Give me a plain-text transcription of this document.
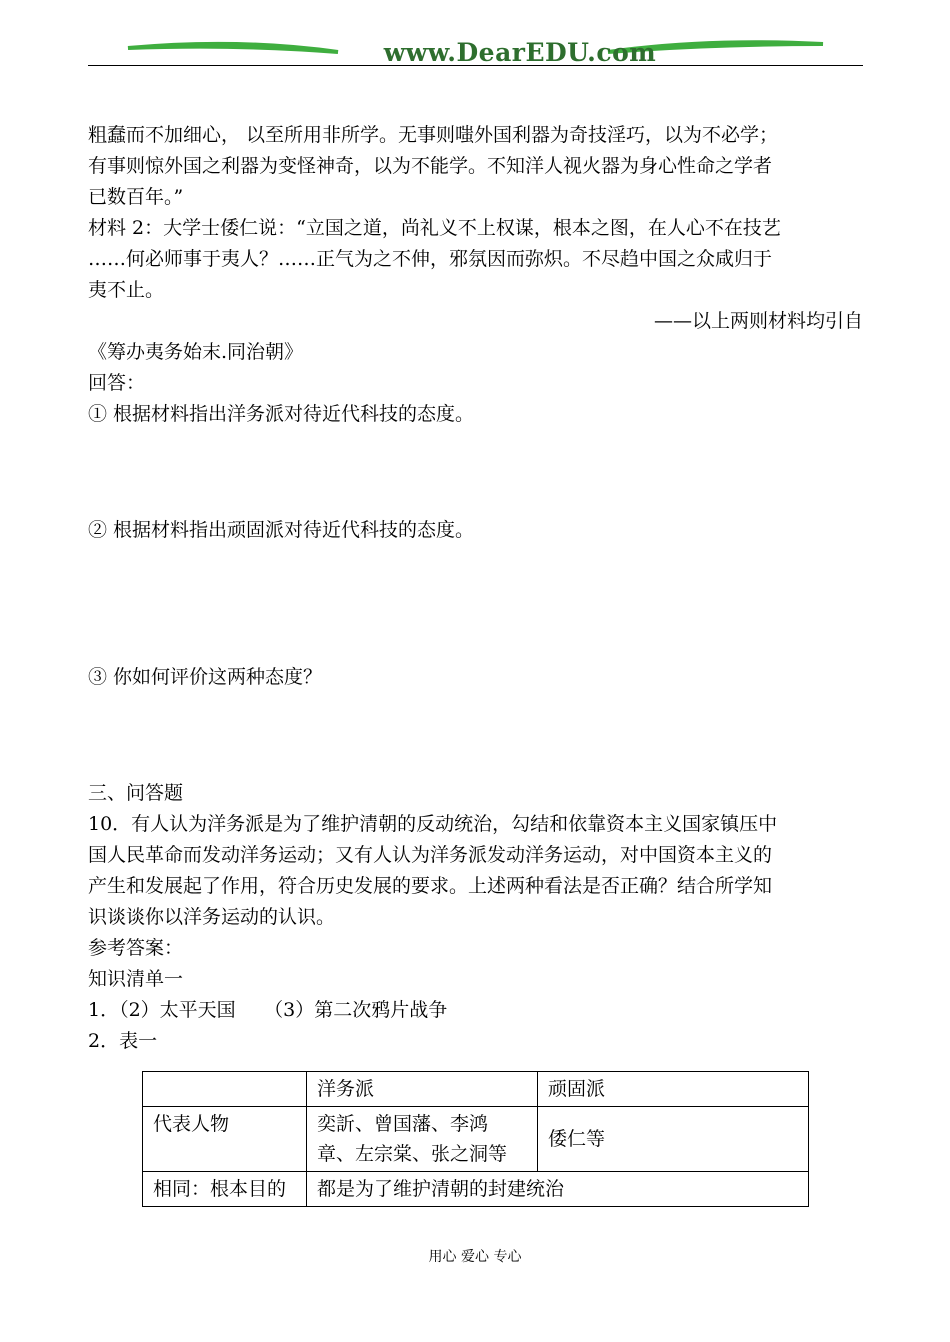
www.DearEDU.com
粗蠢而不加细心， 以至所用非所学。无事则嗤外国利器为奇技淫巧，以为不必学；
有事则惊外国之利器为变怪神奇，以为不能学。不知洋人视火器为身心性命之学者
已数百年。”
材料 2：大学士倭仁说：“立国之道，尚礼义不上权谋，根本之图，在人心不在技艺
……何必师事于夷人？……正气为之不伸，邪氛因而弥炽。不尽趋中国之众咸归于
夷不止。
——以上两则材料均引自
《筹办夷务始末.同治朝》
回答：
① 根据材料指出洋务派对待近代科技的态度。
② 根据材料指出顽固派对待近代科技的态度。
③ 你如何评价这两种态度？
三、问答题
10．有人认为洋务派是为了维护清朝的反动统治，勾结和依靠资本主义国家镇压中
国人民革命而发动洋务运动；又有人认为洋务派发动洋务运动，对中国资本主义的
产生和发展起了作用，符合历史发展的要求。上述两种看法是否正确？结合所学知
识谈谈你以洋务运动的认识。
参考答案：
知识清单一
1．（2）太平天国　　（3）第二次鸦片战争
2．表一
	洋务派	顽固派
代表人物	奕訢、曾国藩、李鸿
章、左宗棠、张之洞等	倭仁等
相同：根本目的	都是为了维护清朝的封建统治	
用心 爱心 专心
